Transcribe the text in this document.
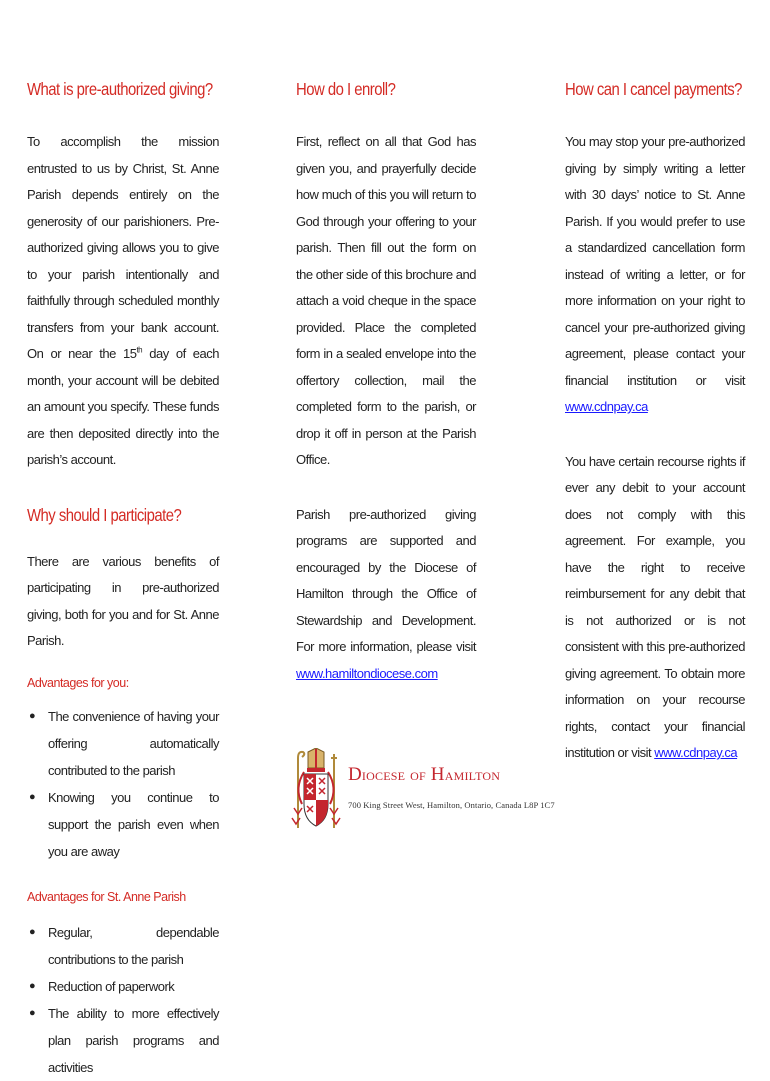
What is pre-authorized giving?

To accomplish the mission entrusted to us by Christ, St. Anne Parish depends entirely on the generosity of our parishioners. Pre-authorized giving allows you to give to your parish intentionally and faithfully through scheduled monthly transfers from your bank account. On or near the 15th day of each month, your account will be debited an amount you specify. These funds are then deposited directly into the parish’s account.

Why should I participate?

There are various benefits of participating in pre-authorized giving, both for you and for St. Anne Parish.

Advantages for you:
● The convenience of having your offering automatically contributed to the parish
● Knowing you continue to support the parish even when you are away
Advantages for St. Anne Parish
● Regular, dependable contributions to the parish
● Reduction of paperwork
● The ability to more effectively plan parish programs and activities
How do I enroll?

First, reflect on all that God has given you, and prayerfully decide how much of this you will return to God through your offering to your parish. Then fill out the form on the other side of this brochure and attach a void cheque in the space provided. Place the completed form in a sealed envelope into the offertory collection, mail the completed form to the parish, or drop it off in person at the Parish Office.

Parish pre-authorized giving programs are supported and encouraged by the Diocese of Hamilton through the Office of Stewardship and Development. For more information, please visit www.hamiltondiocese.com

How can I cancel payments?

You may stop your pre-authorized giving by simply writing a letter with 30 days’ notice to St. Anne Parish. If you would prefer to use a standardized cancellation form instead of writing a letter, or for more information on your right to cancel your pre-authorized giving agreement, please contact your financial institution or visit www.cdnpay.ca

You have certain recourse rights if ever any debit to your account does not comply with this agreement. For example, you have the right to receive reimbursement for any debit that is not authorized or is not consistent with this pre-authorized giving agreement. To obtain more information on your recourse rights, contact your financial institution or visit www.cdnpay.ca

DIOCESE OF HAMILTON
700 King Street West, Hamilton, Ontario, Canada L8P 1C7
